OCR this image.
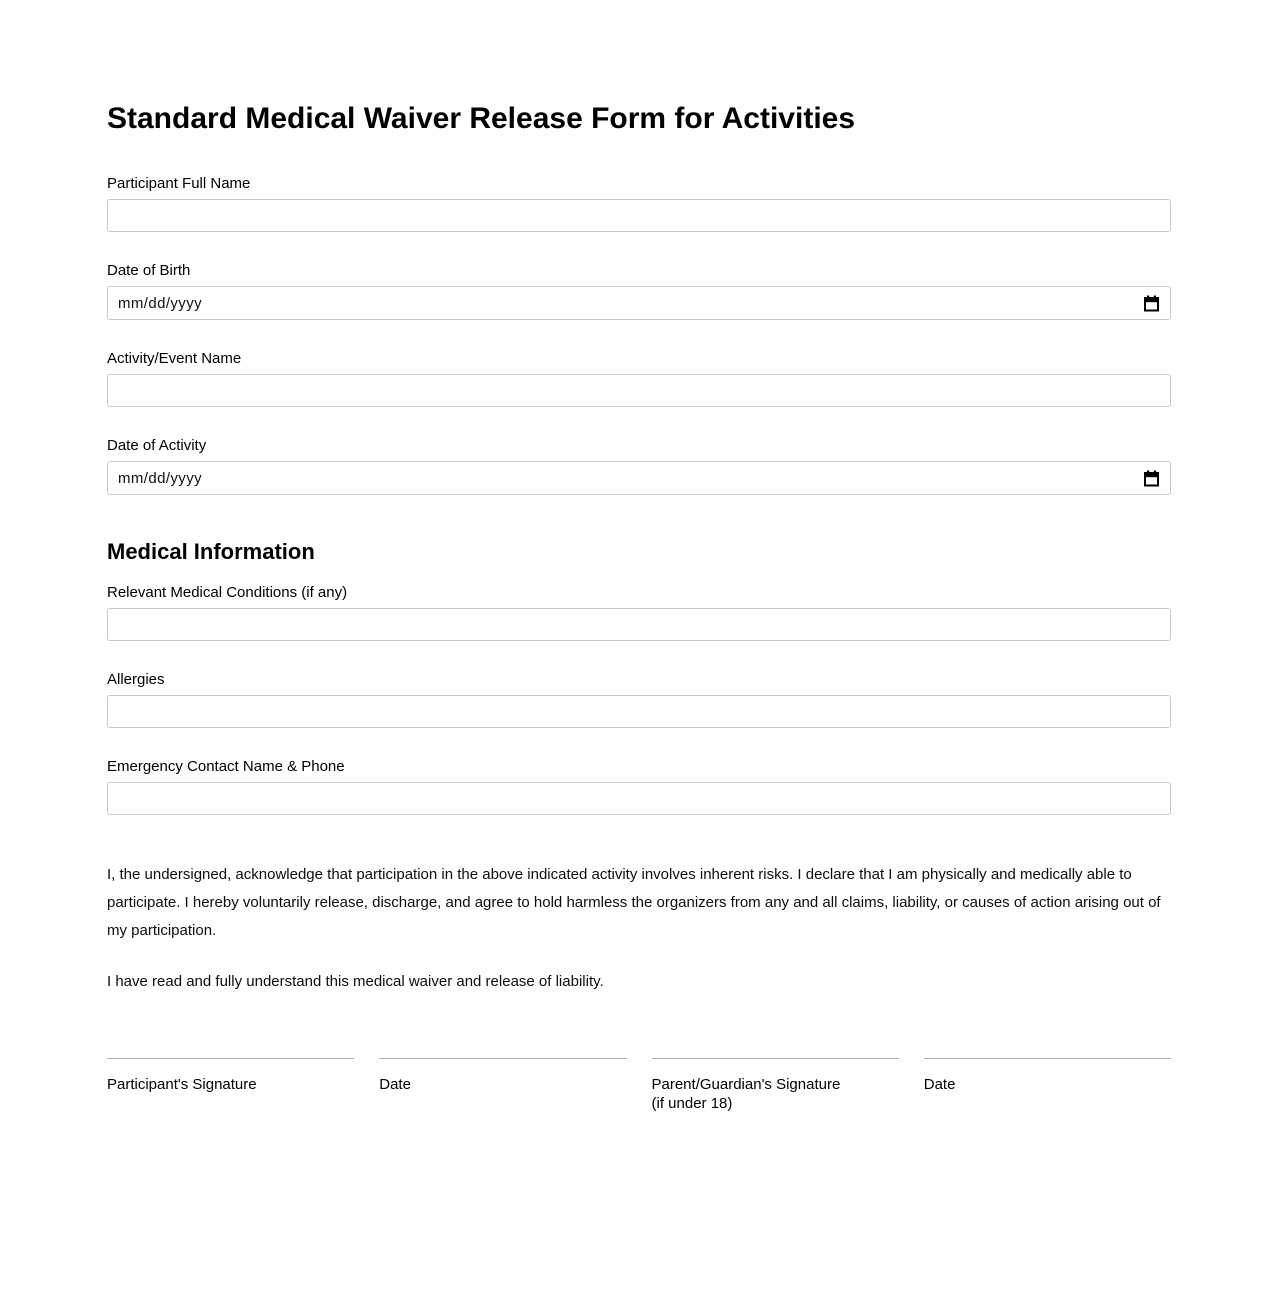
Standard Medical Waiver Release Form for Activities
Participant Full Name
Date of Birth
mm/dd/yyyy
Activity/Event Name
Date of Activity
mm/dd/yyyy
Medical Information
Relevant Medical Conditions (if any)
Allergies
Emergency Contact Name & Phone

I, the undersigned, acknowledge that participation in the above indicated activity involves inherent risks. I declare that I am physically and medically able to participate. I hereby voluntarily release, discharge, and agree to hold harmless the organizers from any and all claims, liability, or causes of action arising out of my participation.

I have read and fully understand this medical waiver and release of liability.

Participant's Signature	Date	Parent/Guardian's Signature
(if under 18)
Date
